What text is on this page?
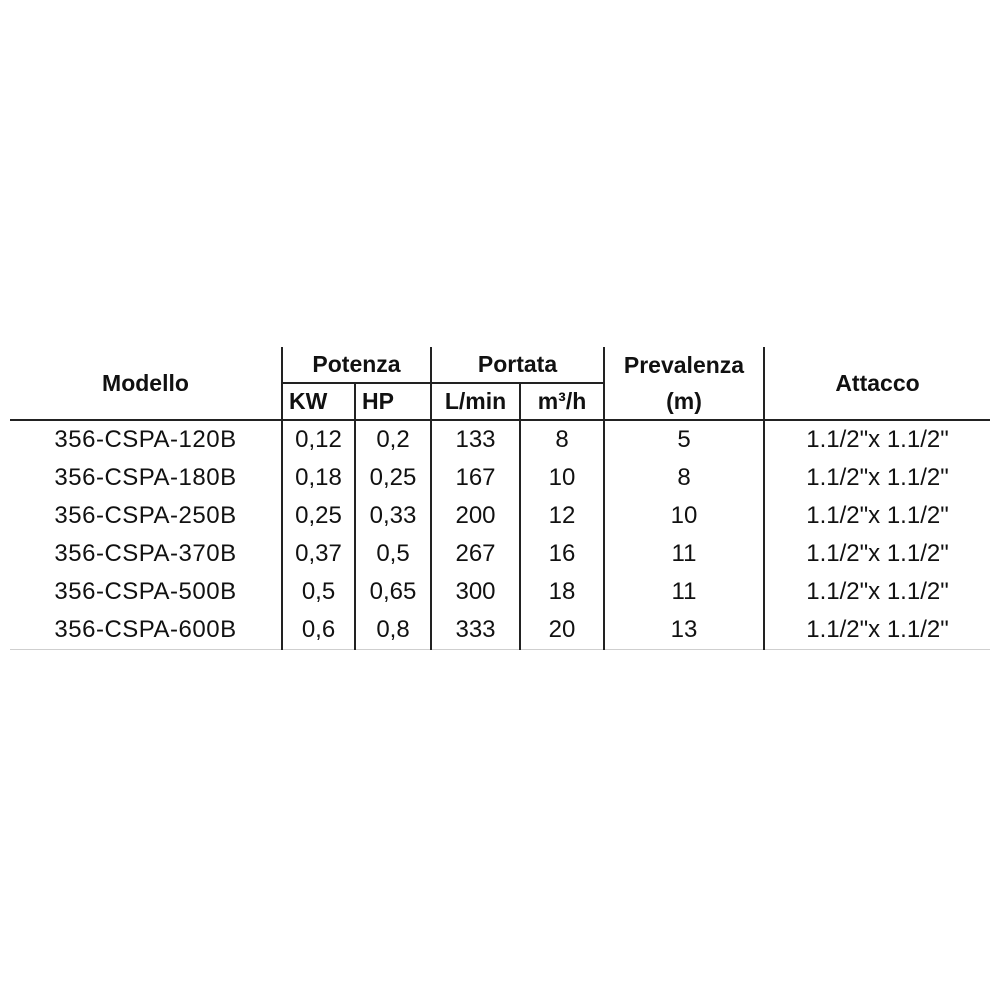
Modello	Potenza		Portata		Prevalenza	Attacco
	KW	HP	L/min	m³/h	(m)	
356-CSPA-120B	0,12	0,2	133	8	5	1.1/2"x 1.1/2"
356-CSPA-180B	0,18	0,25	167	10	8	1.1/2"x 1.1/2"
356-CSPA-250B	0,25	0,33	200	12	10	1.1/2"x 1.1/2"
356-CSPA-370B	0,37	0,5	267	16	11	1.1/2"x 1.1/2"
356-CSPA-500B	0,5	0,65	300	18	11	1.1/2"x 1.1/2"
356-CSPA-600B	0,6	0,8	333	20	13	1.1/2"x 1.1/2"
